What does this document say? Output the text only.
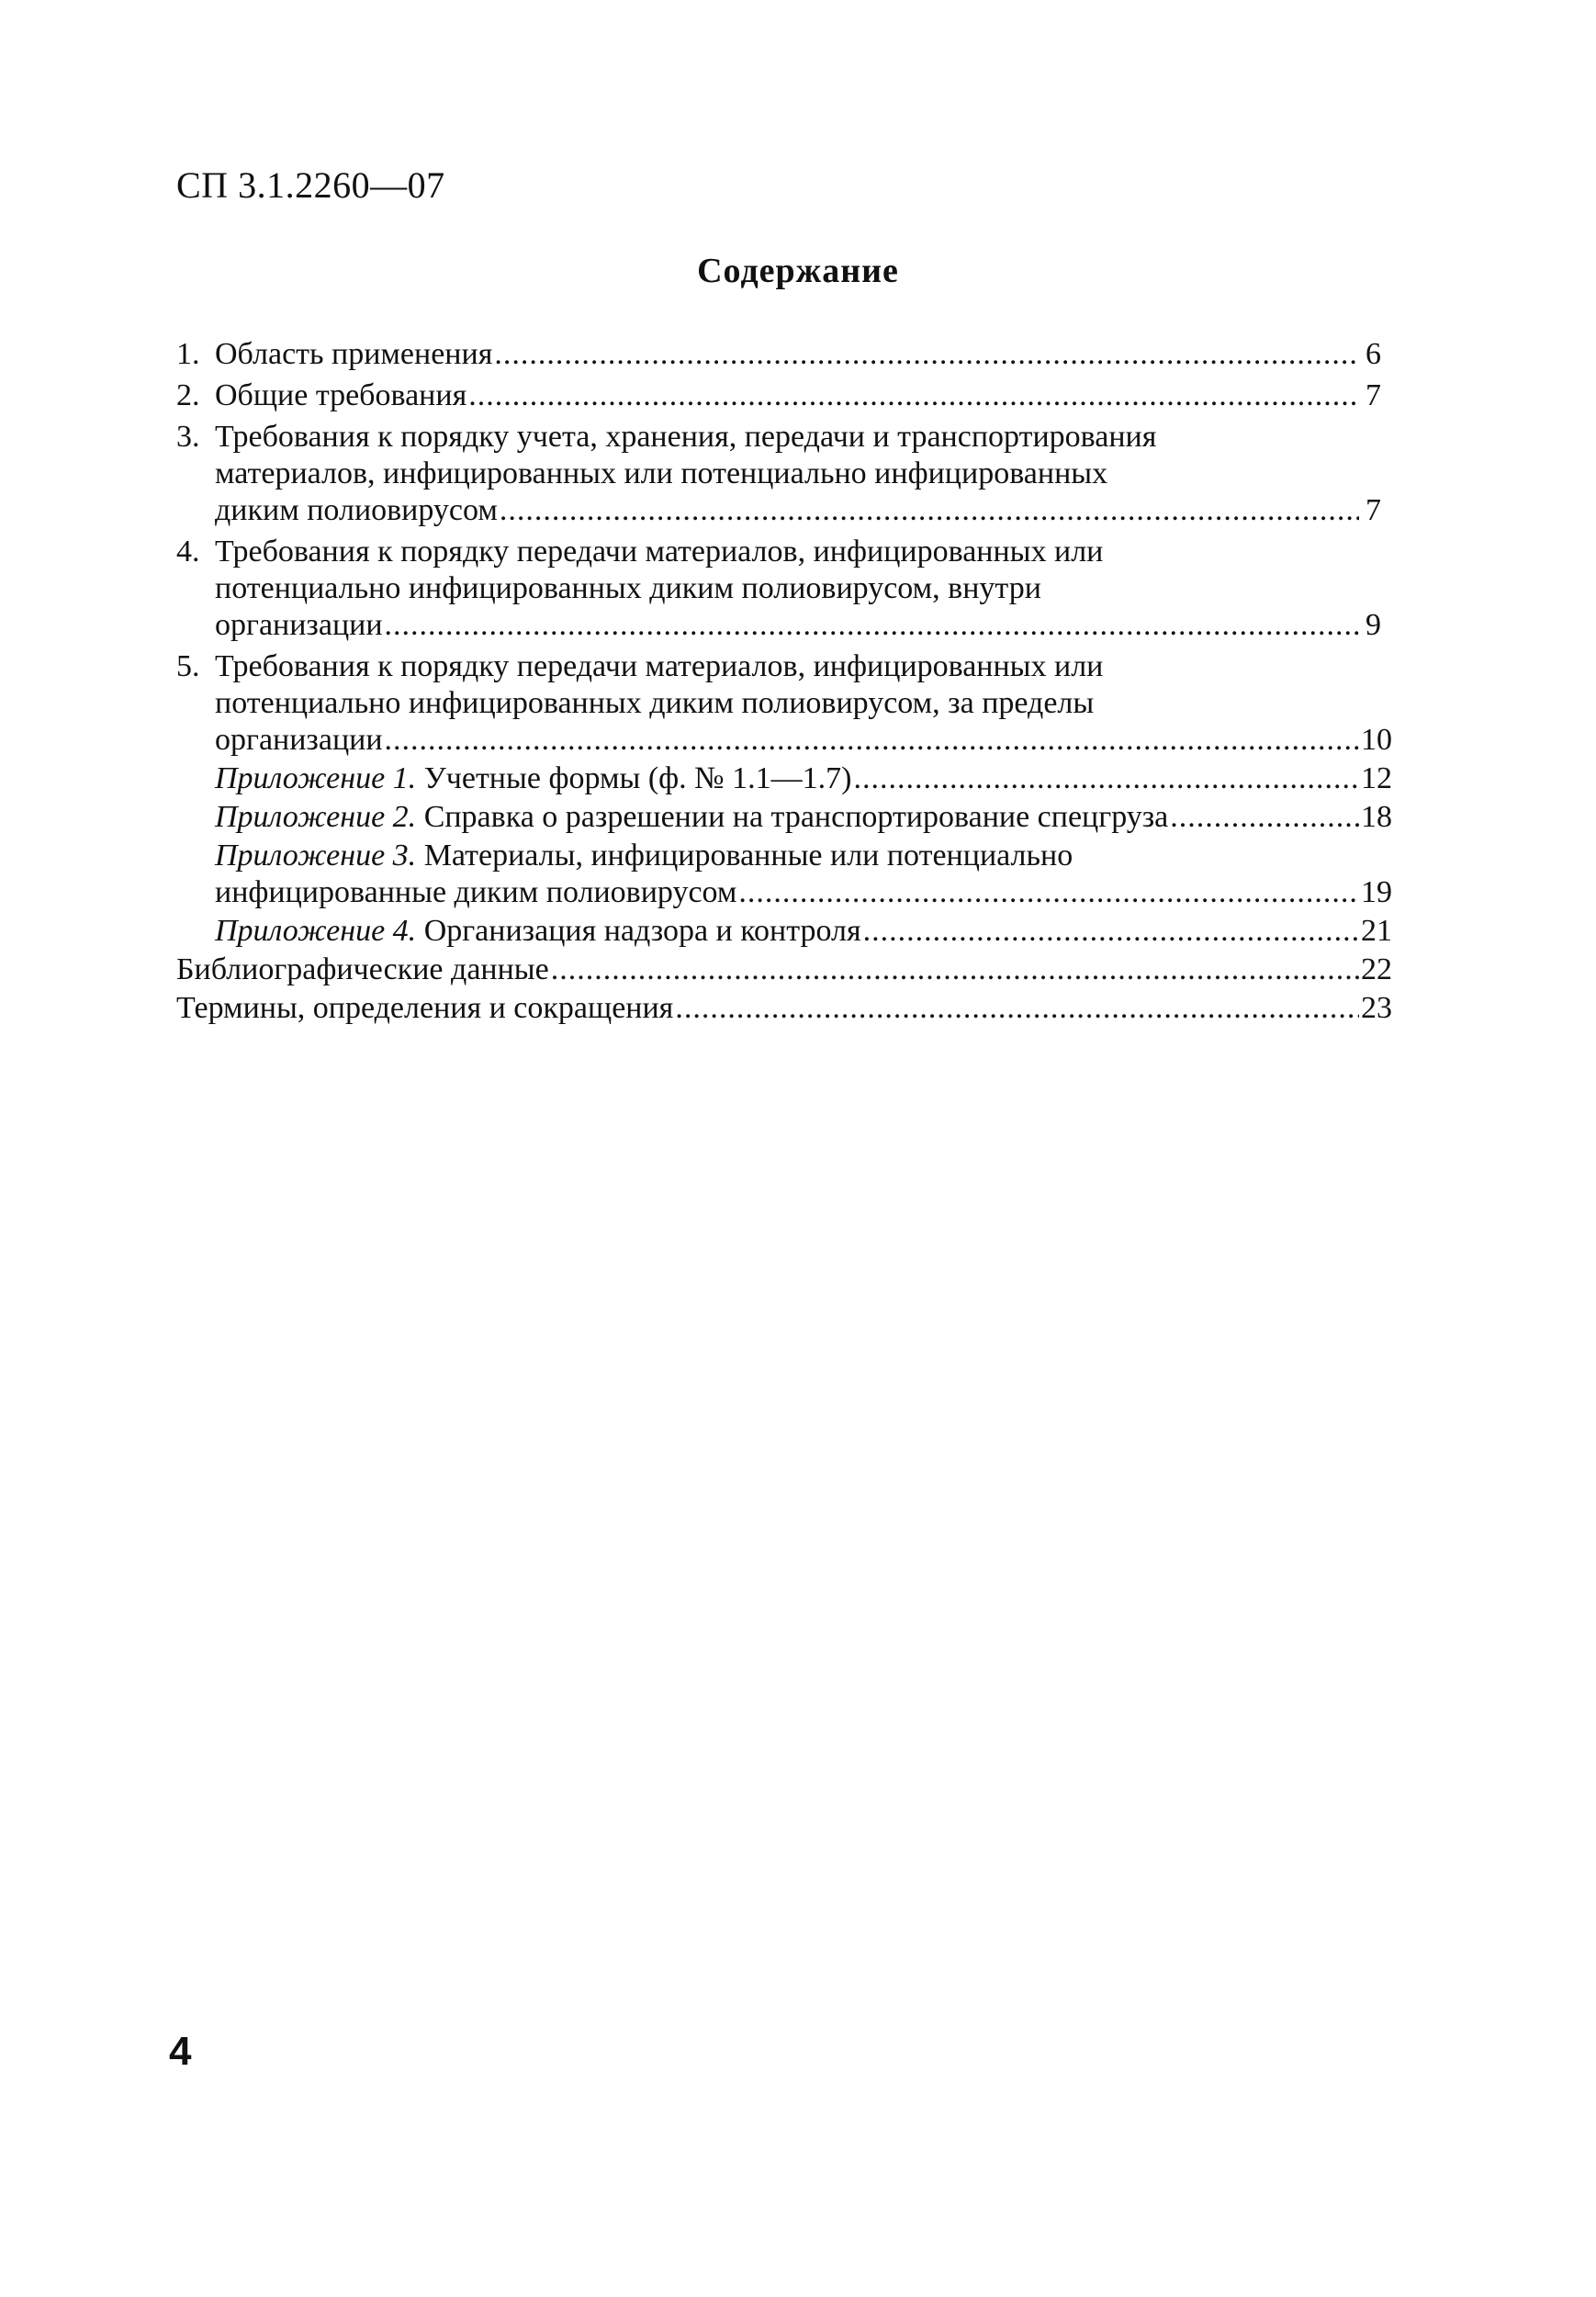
СП 3.1.2260—07
Содержание
1. Область применения .....	6
2. Общие требования .....	7
3. Требования к порядку учета, хранения, передачи и транспортирования
материалов, инфицированных или потенциально инфицированных
диким полиовирусом .....	7
4. Требования к порядку передачи материалов, инфицированных или
потенциально инфицированных диким полиовирусом, внутри
организации .....	9
5. Требования к порядку передачи материалов, инфицированных или
потенциально инфицированных диким полиовирусом, за пределы
организации .....	10
Приложение 1. Учетные формы (ф. № 1.1—1.7) .....	12
Приложение 2. Справка о разрешении на транспортирование спецгруза .....	18
Приложение 3. Материалы, инфицированные или потенциально
инфицированные диким полиовирусом .....	19
Приложение 4. Организация надзора и контроля .....	21
Библиографические данные .....	22
Термины, определения и сокращения .....	23
4
